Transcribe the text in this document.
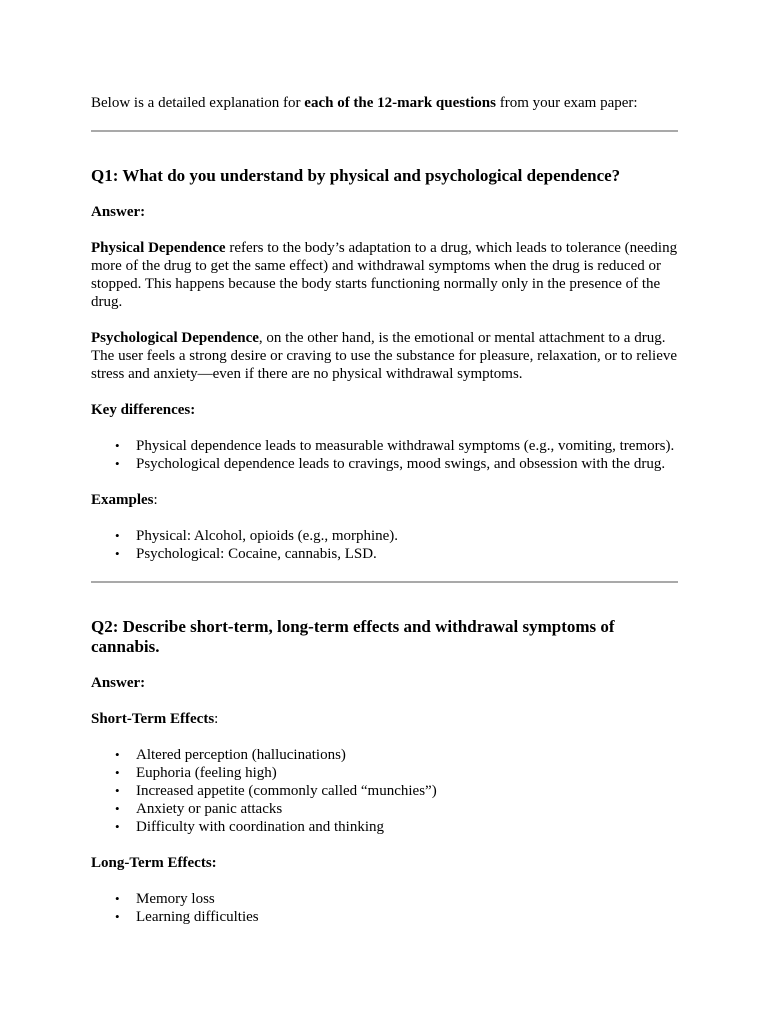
Below is a detailed explanation for each of the 12-mark questions from your exam paper:

Q1: What do you understand by physical and psychological dependence?

Answer:

Physical Dependence refers to the body’s adaptation to a drug, which leads to tolerance (needing more of the drug to get the same effect) and withdrawal symptoms when the drug is reduced or stopped. This happens because the body starts functioning normally only in the presence of the drug.

Psychological Dependence, on the other hand, is the emotional or mental attachment to a drug. The user feels a strong desire or craving to use the substance for pleasure, relaxation, or to relieve stress and anxiety—even if there are no physical withdrawal symptoms.

Key differences:

• Physical dependence leads to measurable withdrawal symptoms (e.g., vomiting, tremors).
• Psychological dependence leads to cravings, mood swings, and obsession with the drug.

Examples:

• Physical: Alcohol, opioids (e.g., morphine).
• Psychological: Cocaine, cannabis, LSD.
Q2: Describe short-term, long-term effects and withdrawal symptoms of cannabis.

Answer:

Short-Term Effects:

• Altered perception (hallucinations)
• Euphoria (feeling high)
• Increased appetite (commonly called “munchies”)
• Anxiety or panic attacks
• Difficulty with coordination and thinking

Long-Term Effects:

• Memory loss
• Learning difficulties
